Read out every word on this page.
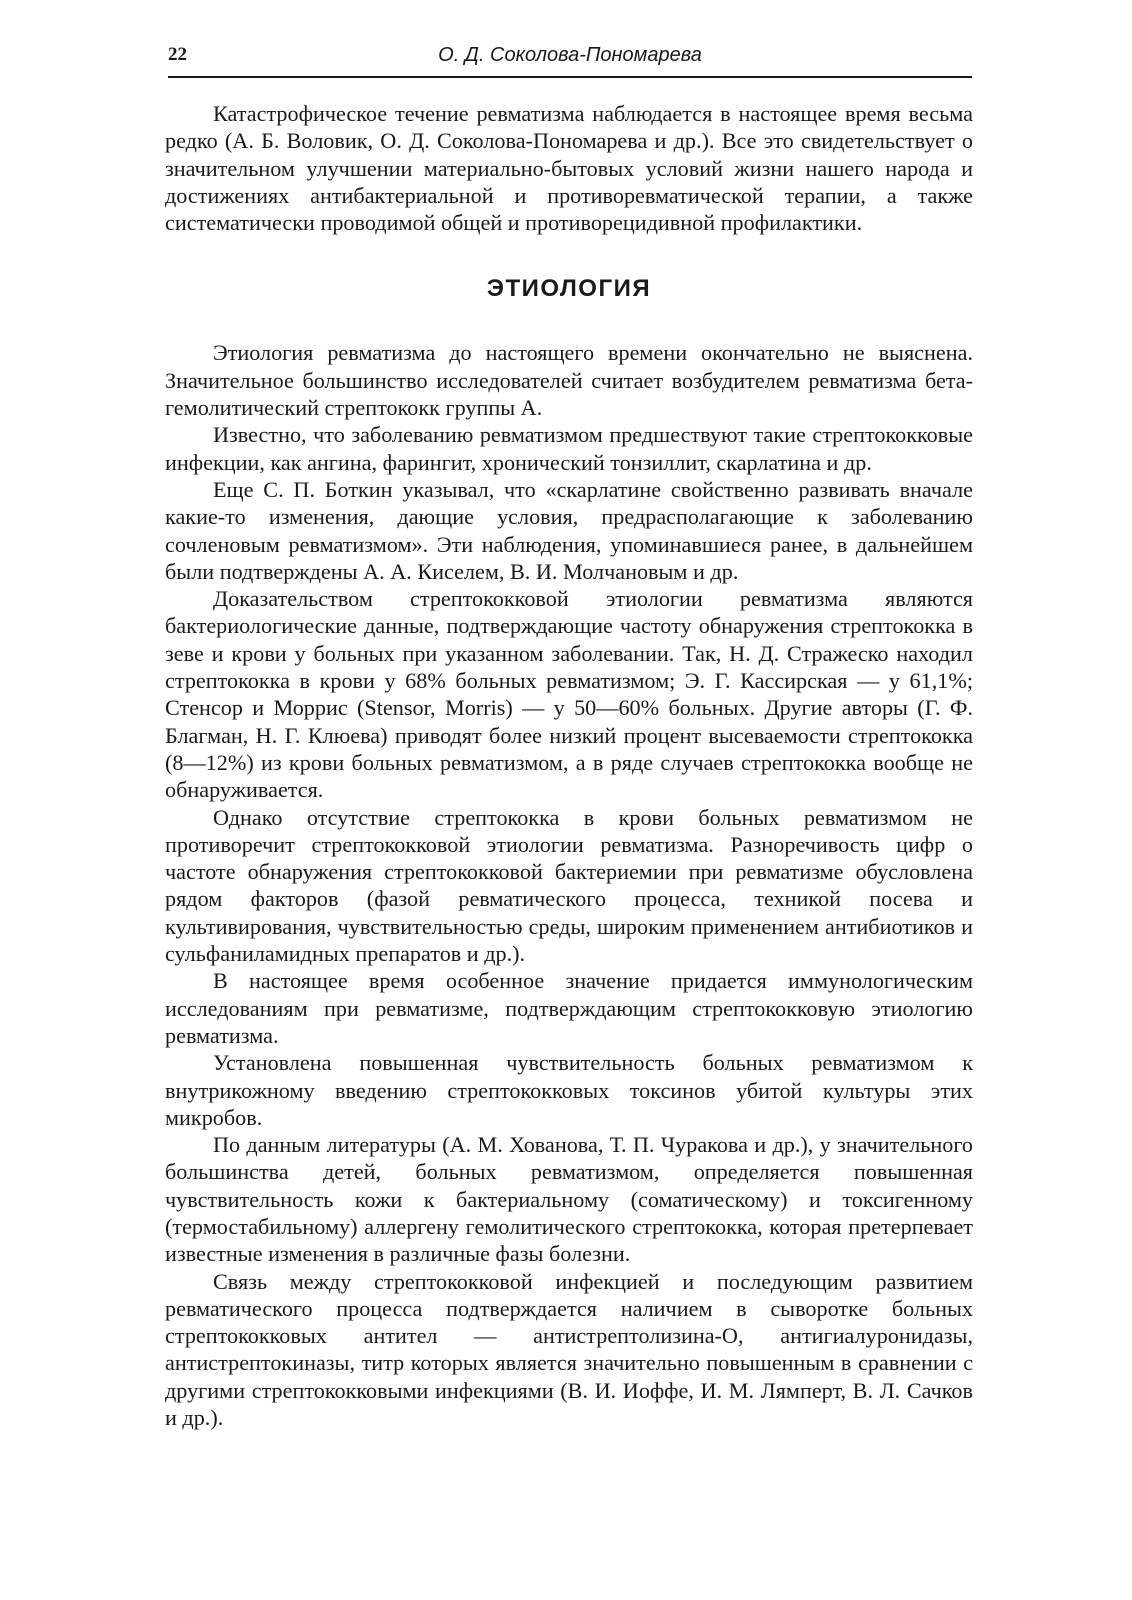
22	О. Д. Соколова-Пономарева

Катастрофическое течение ревматизма наблюдается в настоящее время весьма редко (А. Б. Воловик, О. Д. Соколова-Пономарева и др.). Все это свидетельствует о значительном улучшении материально-бытовых условий жизни нашего народа и достижениях антибактериальной и противоревматической терапии, а также систематически проводимой общей и противорецидивной профилактики.

ЭТИОЛОГИЯ

Этиология ревматизма до настоящего времени окончательно не выяснена. Значительное большинство исследователей считает возбудителем ревматизма бета-гемолитический стрептококк группы А.

Известно, что заболеванию ревматизмом предшествуют такие стрептококковые инфекции, как ангина, фарингит, хронический тонзиллит, скарлатина и др.

Еще С. П. Боткин указывал, что «скарлатине свойственно развивать вначале какие-то изменения, дающие условия, предрасполагающие к заболеванию сочленовым ревматизмом». Эти наблюдения, упоминавшиеся ранее, в дальнейшем были подтверждены А. А. Киселем, В. И. Молчановым и др.

Доказательством стрептококковой этиологии ревматизма являются бактериологические данные, подтверждающие частоту обнаружения стрептококка в зеве и крови у больных при указанном заболевании. Так, Н. Д. Стражеско находил стрептококка в крови у 68% больных ревматизмом; Э. Г. Кассирская — у 61,1%; Стенсор и Моррис (Stensor, Morris) — у 50—60% больных. Другие авторы (Г. Ф. Благман, Н. Г. Клюева) приводят более низкий процент высеваемости стрептококка (8—12%) из крови больных ревматизмом, а в ряде случаев стрептококка вообще не обнаруживается.

Однако отсутствие стрептококка в крови больных ревматизмом не противоречит стрептококковой этиологии ревматизма. Разноречивость цифр о частоте обнаружения стрептококковой бактериемии при ревматизме обусловлена рядом факторов (фазой ревматического процесса, техникой посева и культивирования, чувствительностью среды, широким применением антибиотиков и сульфаниламидных препаратов и др.).

В настоящее время особенное значение придается иммунологическим исследованиям при ревматизме, подтверждающим стрептококковую этиологию ревматизма.

Установлена повышенная чувствительность больных ревматизмом к внутрикожному введению стрептококковых токсинов убитой культуры этих микробов.

По данным литературы (А. М. Хованова, Т. П. Чуракова и др.), у значительного большинства детей, больных ревматизмом, определяется повышенная чувствительность кожи к бактериальному (соматическому) и токсигенному (термостабильному) аллергену гемолитического стрептококка, которая претерпевает известные изменения в различные фазы болезни.

Связь между стрептококковой инфекцией и последующим развитием ревматического процесса подтверждается наличием в сыворотке больных стрептококковых антител — антистрептолизина-О, антигиалуронидазы, антистрептокиназы, титр которых является значительно повышенным в сравнении с другими стрептококковыми инфекциями (В. И. Иоффе, И. М. Лямперт, В. Л. Сачков и др.).
